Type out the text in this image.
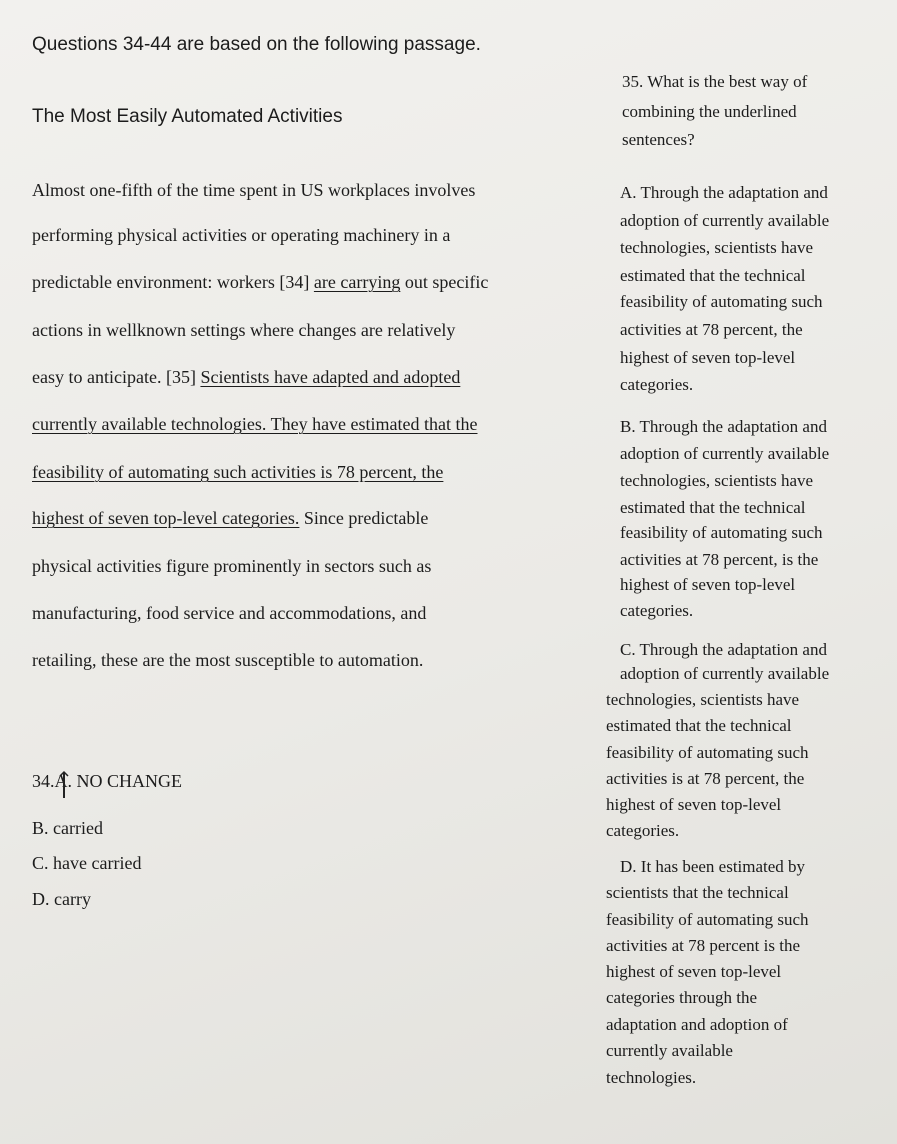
Questions 34-44 are based on the following passage.
The Most Easily Automated Activities
Almost one-fifth of the time spent in US workplaces involves
performing physical activities or operating machinery in a
predictable environment: workers [34] are carrying out specific
actions in wellknown settings where changes are relatively
easy to anticipate. [35] Scientists have adapted and adopted
currently available technologies. They have estimated that the
feasibility of automating such activities is 78 percent, the
highest of seven top-level categories. Since predictable
physical activities figure prominently in sectors such as
manufacturing, food service and accommodations, and
retailing, these are the most susceptible to automation.
34.A. NO CHANGE
B. carried
C. have carried
D. carry
35. What is the best way of
combining the underlined
sentences?
A. Through the adaptation and
adoption of currently available
technologies, scientists have
estimated that the technical
feasibility of automating such
activities at 78 percent, the
highest of seven top-level
categories.
B. Through the adaptation and
adoption of currently available
technologies, scientists have
estimated that the technical
feasibility of automating such
activities at 78 percent, is the
highest of seven top-level
categories.
C. Through the adaptation and
adoption of currently available
technologies, scientists have
estimated that the technical
feasibility of automating such
activities is at 78 percent, the
highest of seven top-level
categories.
D. It has been estimated by
scientists that the technical
feasibility of automating such
activities at 78 percent is the
highest of seven top-level
categories through the
adaptation and adoption of
currently available
technologies.
